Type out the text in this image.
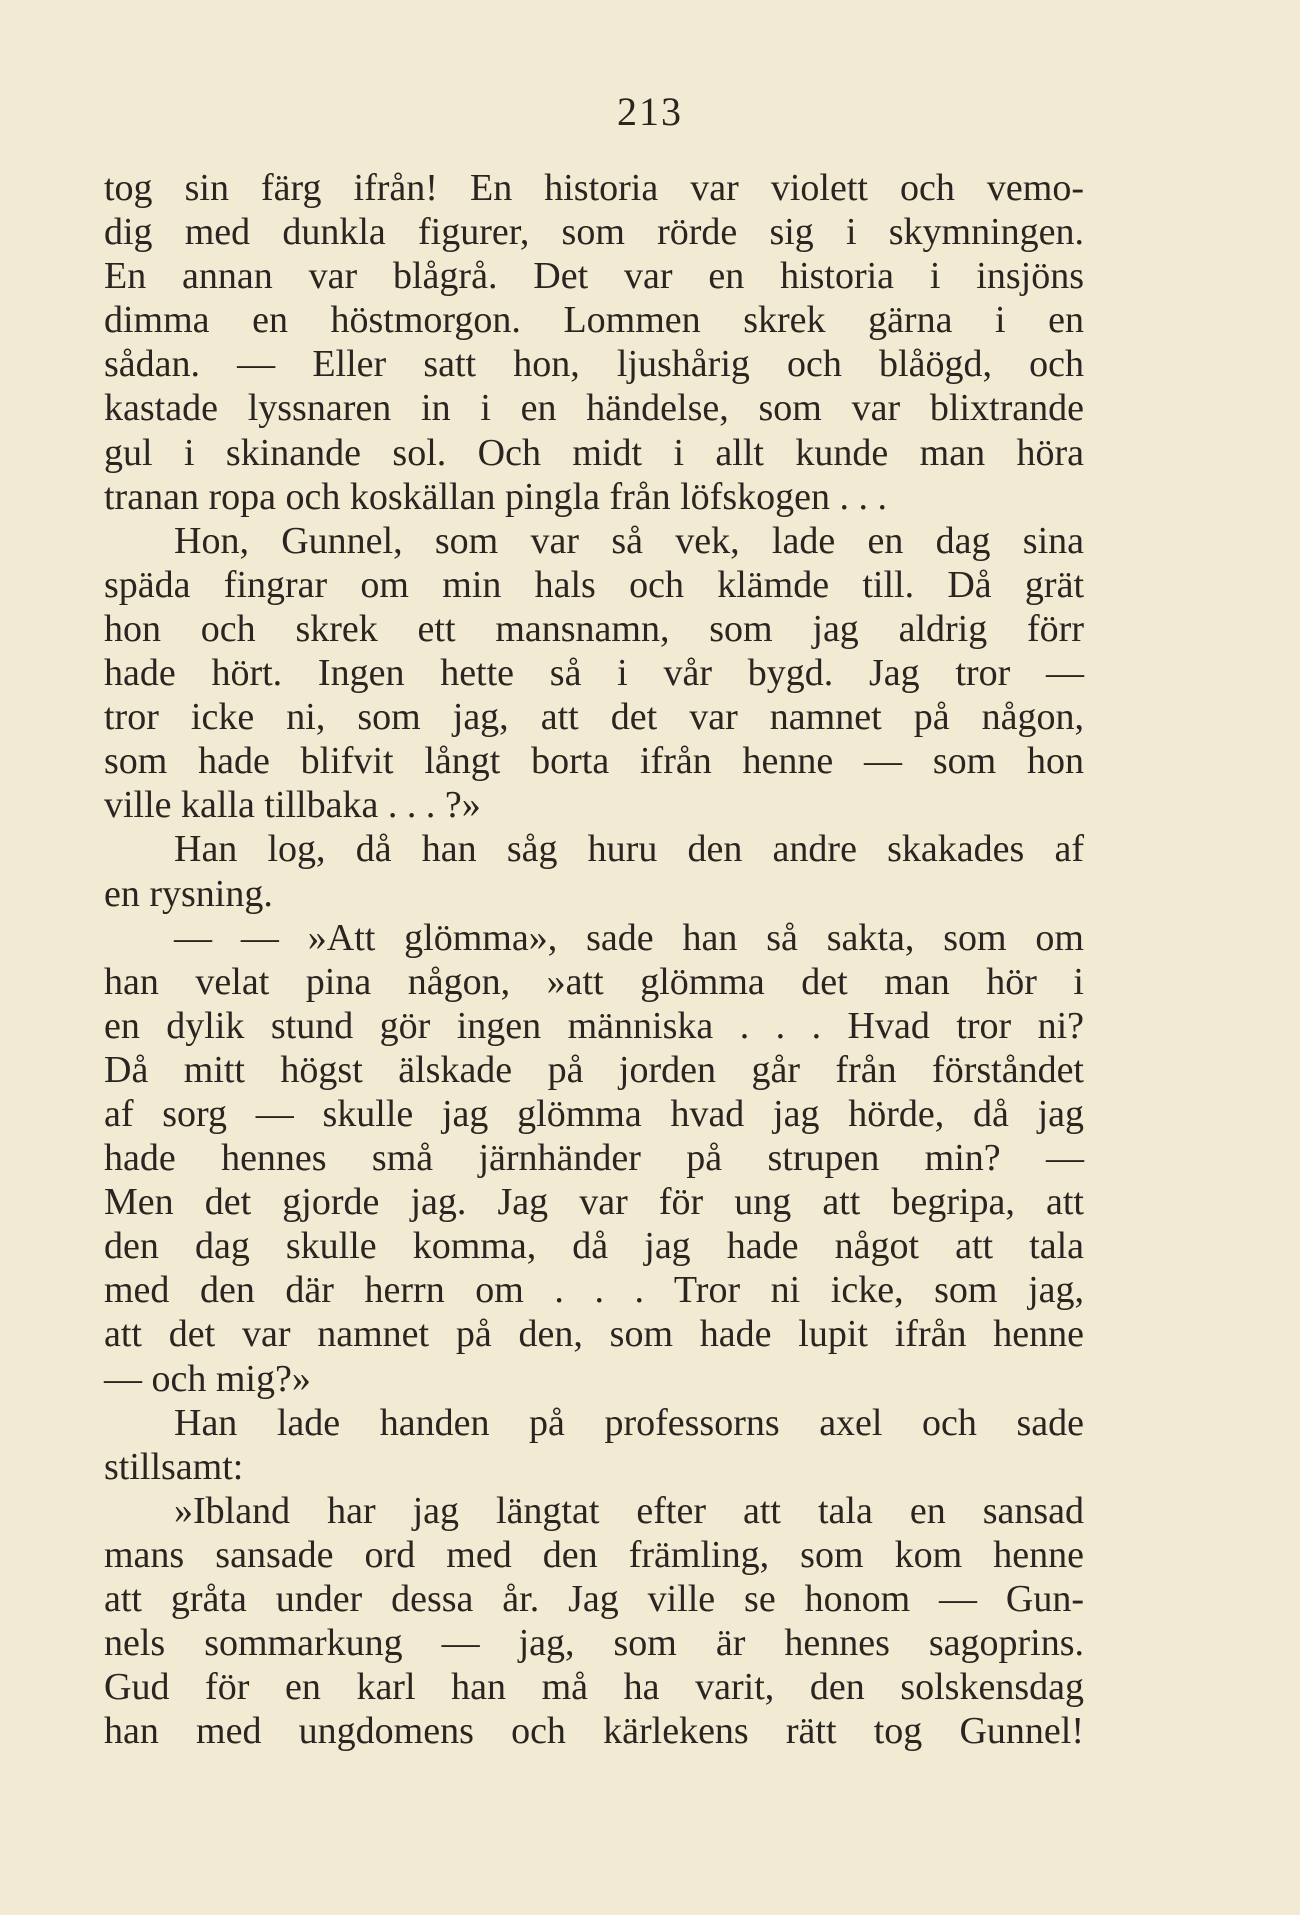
213
tog sin färg ifrån! En historia var violett och vemo-
dig med dunkla figurer, som rörde sig i skymningen.
En annan var blågrå. Det var en historia i insjöns
dimma en höstmorgon. Lommen skrek gärna i en
sådan. — Eller satt hon, ljushårig och blåögd, och
kastade lyssnaren in i en händelse, som var blixtrande
gul i skinande sol. Och midt i allt kunde man höra
tranan ropa och koskällan pingla från löfskogen . . .
Hon, Gunnel, som var så vek, lade en dag sina
späda fingrar om min hals och klämde till. Då grät
hon och skrek ett mansnamn, som jag aldrig förr
hade hört. Ingen hette så i vår bygd. Jag tror —
tror icke ni, som jag, att det var namnet på någon,
som hade blifvit långt borta ifrån henne — som hon
ville kalla tillbaka . . . ?»
Han log, då han såg huru den andre skakades af
en rysning.
— — »Att glömma», sade han så sakta, som om
han velat pina någon, »att glömma det man hör i
en dylik stund gör ingen människa . . . Hvad tror ni?
Då mitt högst älskade på jorden går från förståndet
af sorg — skulle jag glömma hvad jag hörde, då jag
hade hennes små järnhänder på strupen min? —
Men det gjorde jag. Jag var för ung att begripa, att
den dag skulle komma, då jag hade något att tala
med den där herrn om . . . Tror ni icke, som jag,
att det var namnet på den, som hade lupit ifrån henne
— och mig?»
Han lade handen på professorns axel och sade
stillsamt:
»Ibland har jag längtat efter att tala en sansad
mans sansade ord med den främling, som kom henne
att gråta under dessa år. Jag ville se honom — Gun-
nels sommarkung — jag, som är hennes sagoprins.
Gud för en karl han må ha varit, den solskensdag
han med ungdomens och kärlekens rätt tog Gunnel!
